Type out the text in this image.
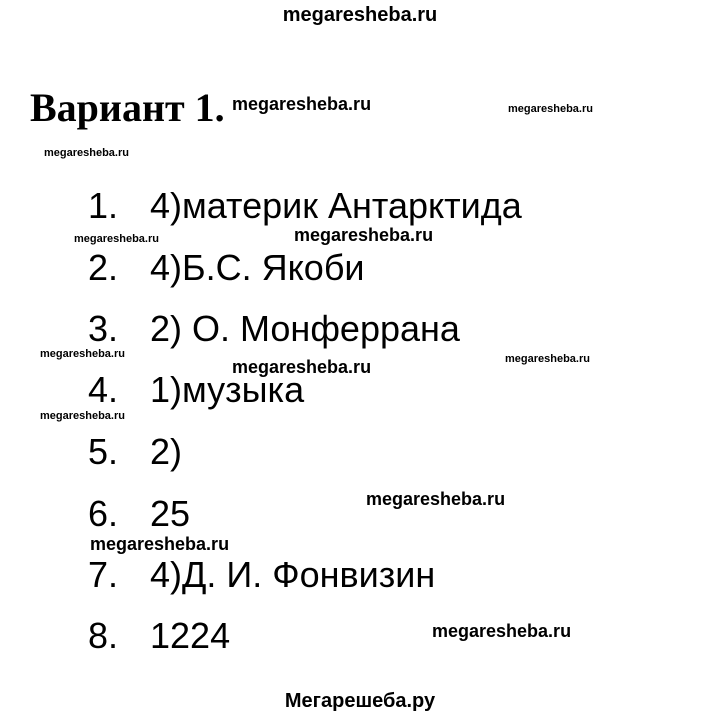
megaresheba.ru
Вариант 1.
1. 4)материк Антарктида
2. 4)Б.С. Якоби
3. 2) О. Монферрана
4. 1)музыка
5. 2)
6. 25
7. 4)Д. И. Фонвизин
8. 1224
megaresheba.ru	megaresheba.ru
megaresheba.ru
megaresheba.ru	megaresheba.ru
megaresheba.ru
megaresheba.ru	megaresheba.ru
megaresheba.ru
megaresheba.ru
megaresheba.ru
megaresheba.ru
Мегарешеба.ру
